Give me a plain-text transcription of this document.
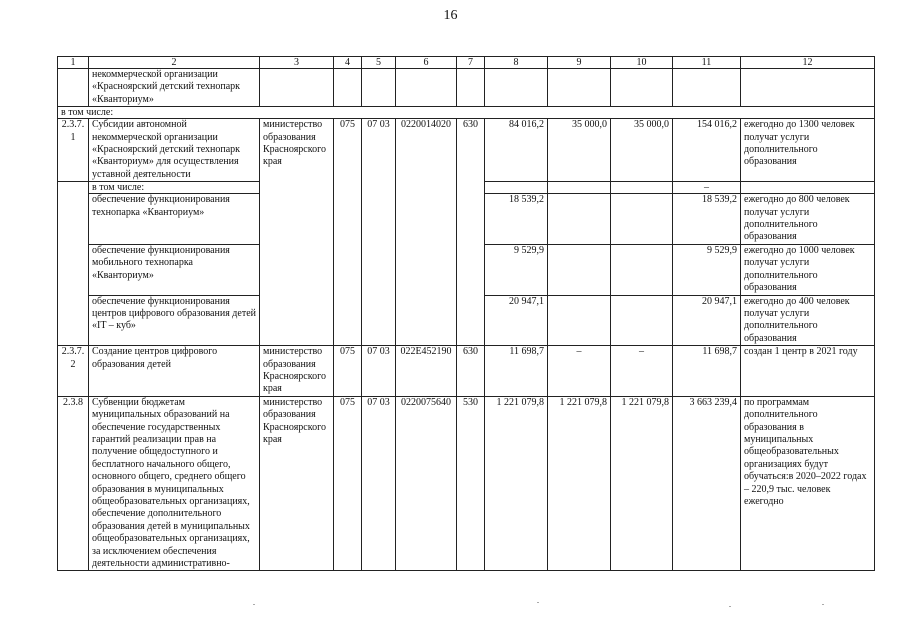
16
1	2	3	4	5	6	7	8	9	10	11	12
	некоммерческой организации «Красноярский детский технопарк «Кванториум»										
в том числе:											
2.3.7.1	Субсидии автономной некоммерческой организации «Красноярский детский технопарк «Кванториум» для осуществления уставной деятельности	министерство образования Красноярского края	075	07 03	0220014020	630	84 016,2	35 000,0	35 000,0	154 016,2	ежегодно до 1300 человек получат услуги дополнительного образования
	в том числе:									–	
	обеспечение функционирования технопарка «Кванториум»						18 539,2			18 539,2	ежегодно до 800 человек получат услуги дополнительного образования
	обеспечение функционирования мобильного технопарка «Кванториум»						9 529,9			9 529,9	ежегодно до 1000 человек получат услуги дополнительного образования
	обеспечение функционирования центров цифрового образования детей «IT – куб»						20 947,1			20 947,1	ежегодно до 400 человек получат услуги дополнительного образования
2.3.7.2	Создание центров цифрового образования детей	министерство образования Красноярского края	075	07 03	022E452190	630	11 698,7	–	–	11 698,7	создан 1 центр в 2021 году
2.3.8	Субвенции бюджетам муниципальных образований на обеспечение государственных гарантий реализации прав на получение общедоступного и бесплатного начального общего, основного общего, среднего общего образования в муниципальных общеобразовательных организациях, обеспечение дополнительного образования детей в муниципальных общеобразовательных организациях, за исключением обеспечения деятельности административно-	министерство образования Красноярского края	075	07 03	0220075640	530	1 221 079,8	1 221 079,8	1 221 079,8	3 663 239,4	по программам дополнительного образования в муниципальных общеобразовательных организациях будут обучаться:в 2020–2022 годах – 220,9 тыс. человек ежегодно
